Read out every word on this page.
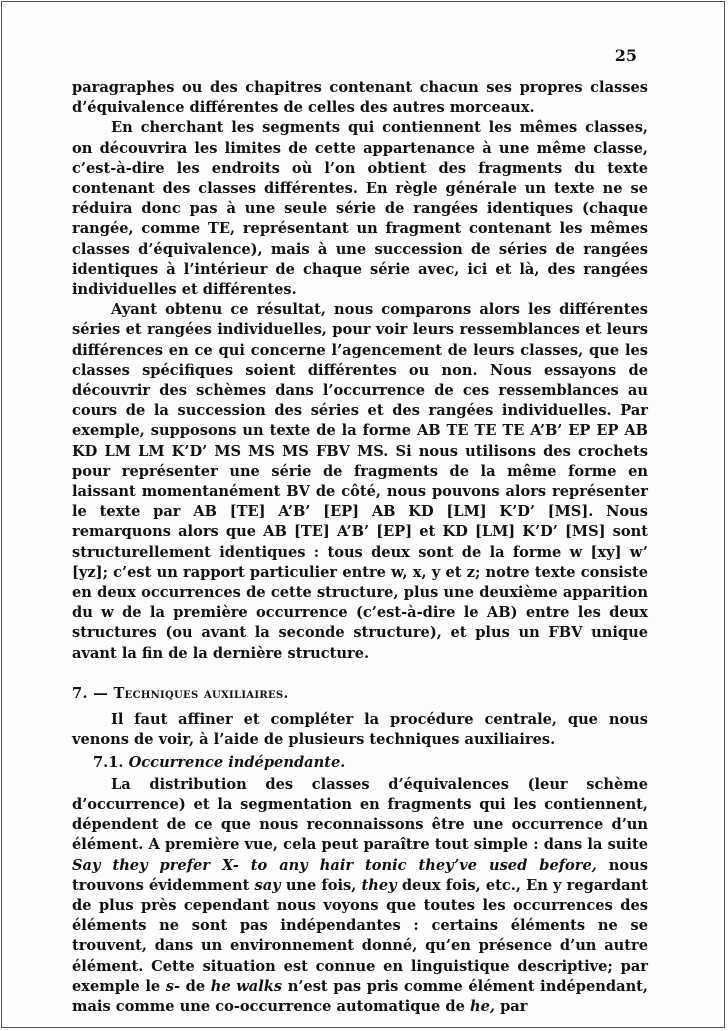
25

paragraphes ou des chapitres contenant chacun ses propres classes d’équivalence différentes de celles des autres morceaux.

En cherchant les segments qui contiennent les mêmes classes, on découvrira les limites de cette appartenance à une même classe, c’est-à-dire les endroits où l’on obtient des fragments du texte contenant des classes différentes. En règle générale un texte ne se réduira donc pas à une seule série de rangées identiques (chaque rangée, comme TE, représentant un fragment contenant les mêmes classes d’équivalence), mais à une succession de séries de rangées identiques à l’intérieur de chaque série avec, ici et là, des rangées individuelles et différentes.

Ayant obtenu ce résultat, nous comparons alors les différentes séries et rangées individuelles, pour voir leurs ressemblances et leurs différences en ce qui concerne l’agencement de leurs classes, que les classes spécifiques soient différentes ou non. Nous essayons de découvrir des schèmes dans l’occurrence de ces ressemblances au cours de la succession des séries et des rangées individuelles. Par exemple, supposons un texte de la forme AB TE TE TE A’B’ EP EP AB KD LM LM K’D’ MS MS MS FBV MS. Si nous utilisons des crochets pour représenter une série de fragments de la même forme en laissant momentanément BV de côté, nous pouvons alors représenter le texte par AB [TE] A’B’ [EP] AB KD [LM] K’D’ [MS]. Nous remarquons alors que AB [TE] A’B’ [EP] et KD [LM] K’D’ [MS] sont structurellement identiques : tous deux sont de la forme w [xy] w’ [yz]; c’est un rapport particulier entre w, x, y et z; notre texte consiste en deux occurrences de cette structure, plus une deuxième apparition du w de la première occurrence (c’est-à-dire le AB) entre les deux structures (ou avant la seconde structure), et plus un FBV unique avant la fin de la dernière structure.

7. — Techniques auxiliaires.

Il faut affiner et compléter la procédure centrale, que nous venons de voir, à l’aide de plusieurs techniques auxiliaires.

7.1. Occurrence indépendante.

La distribution des classes d’équivalences (leur schème d’occurrence) et la segmentation en fragments qui les contiennent, dépendent de ce que nous reconnaissons être une occurrence d’un élément. A première vue, cela peut paraître tout simple : dans la suite Say they prefer X- to any hair tonic they’ve used before, nous trouvons évidemment say une fois, they deux fois, etc., En y regardant de plus près cependant nous voyons que toutes les occurrences des éléments ne sont pas indépendantes : certains éléments ne se trouvent, dans un environnement donné, qu’en présence d’un autre élément. Cette situation est connue en linguistique descriptive; par exemple le s- de he walks n’est pas pris comme élément indépendant, mais comme une co-occurrence automatique de he, par
